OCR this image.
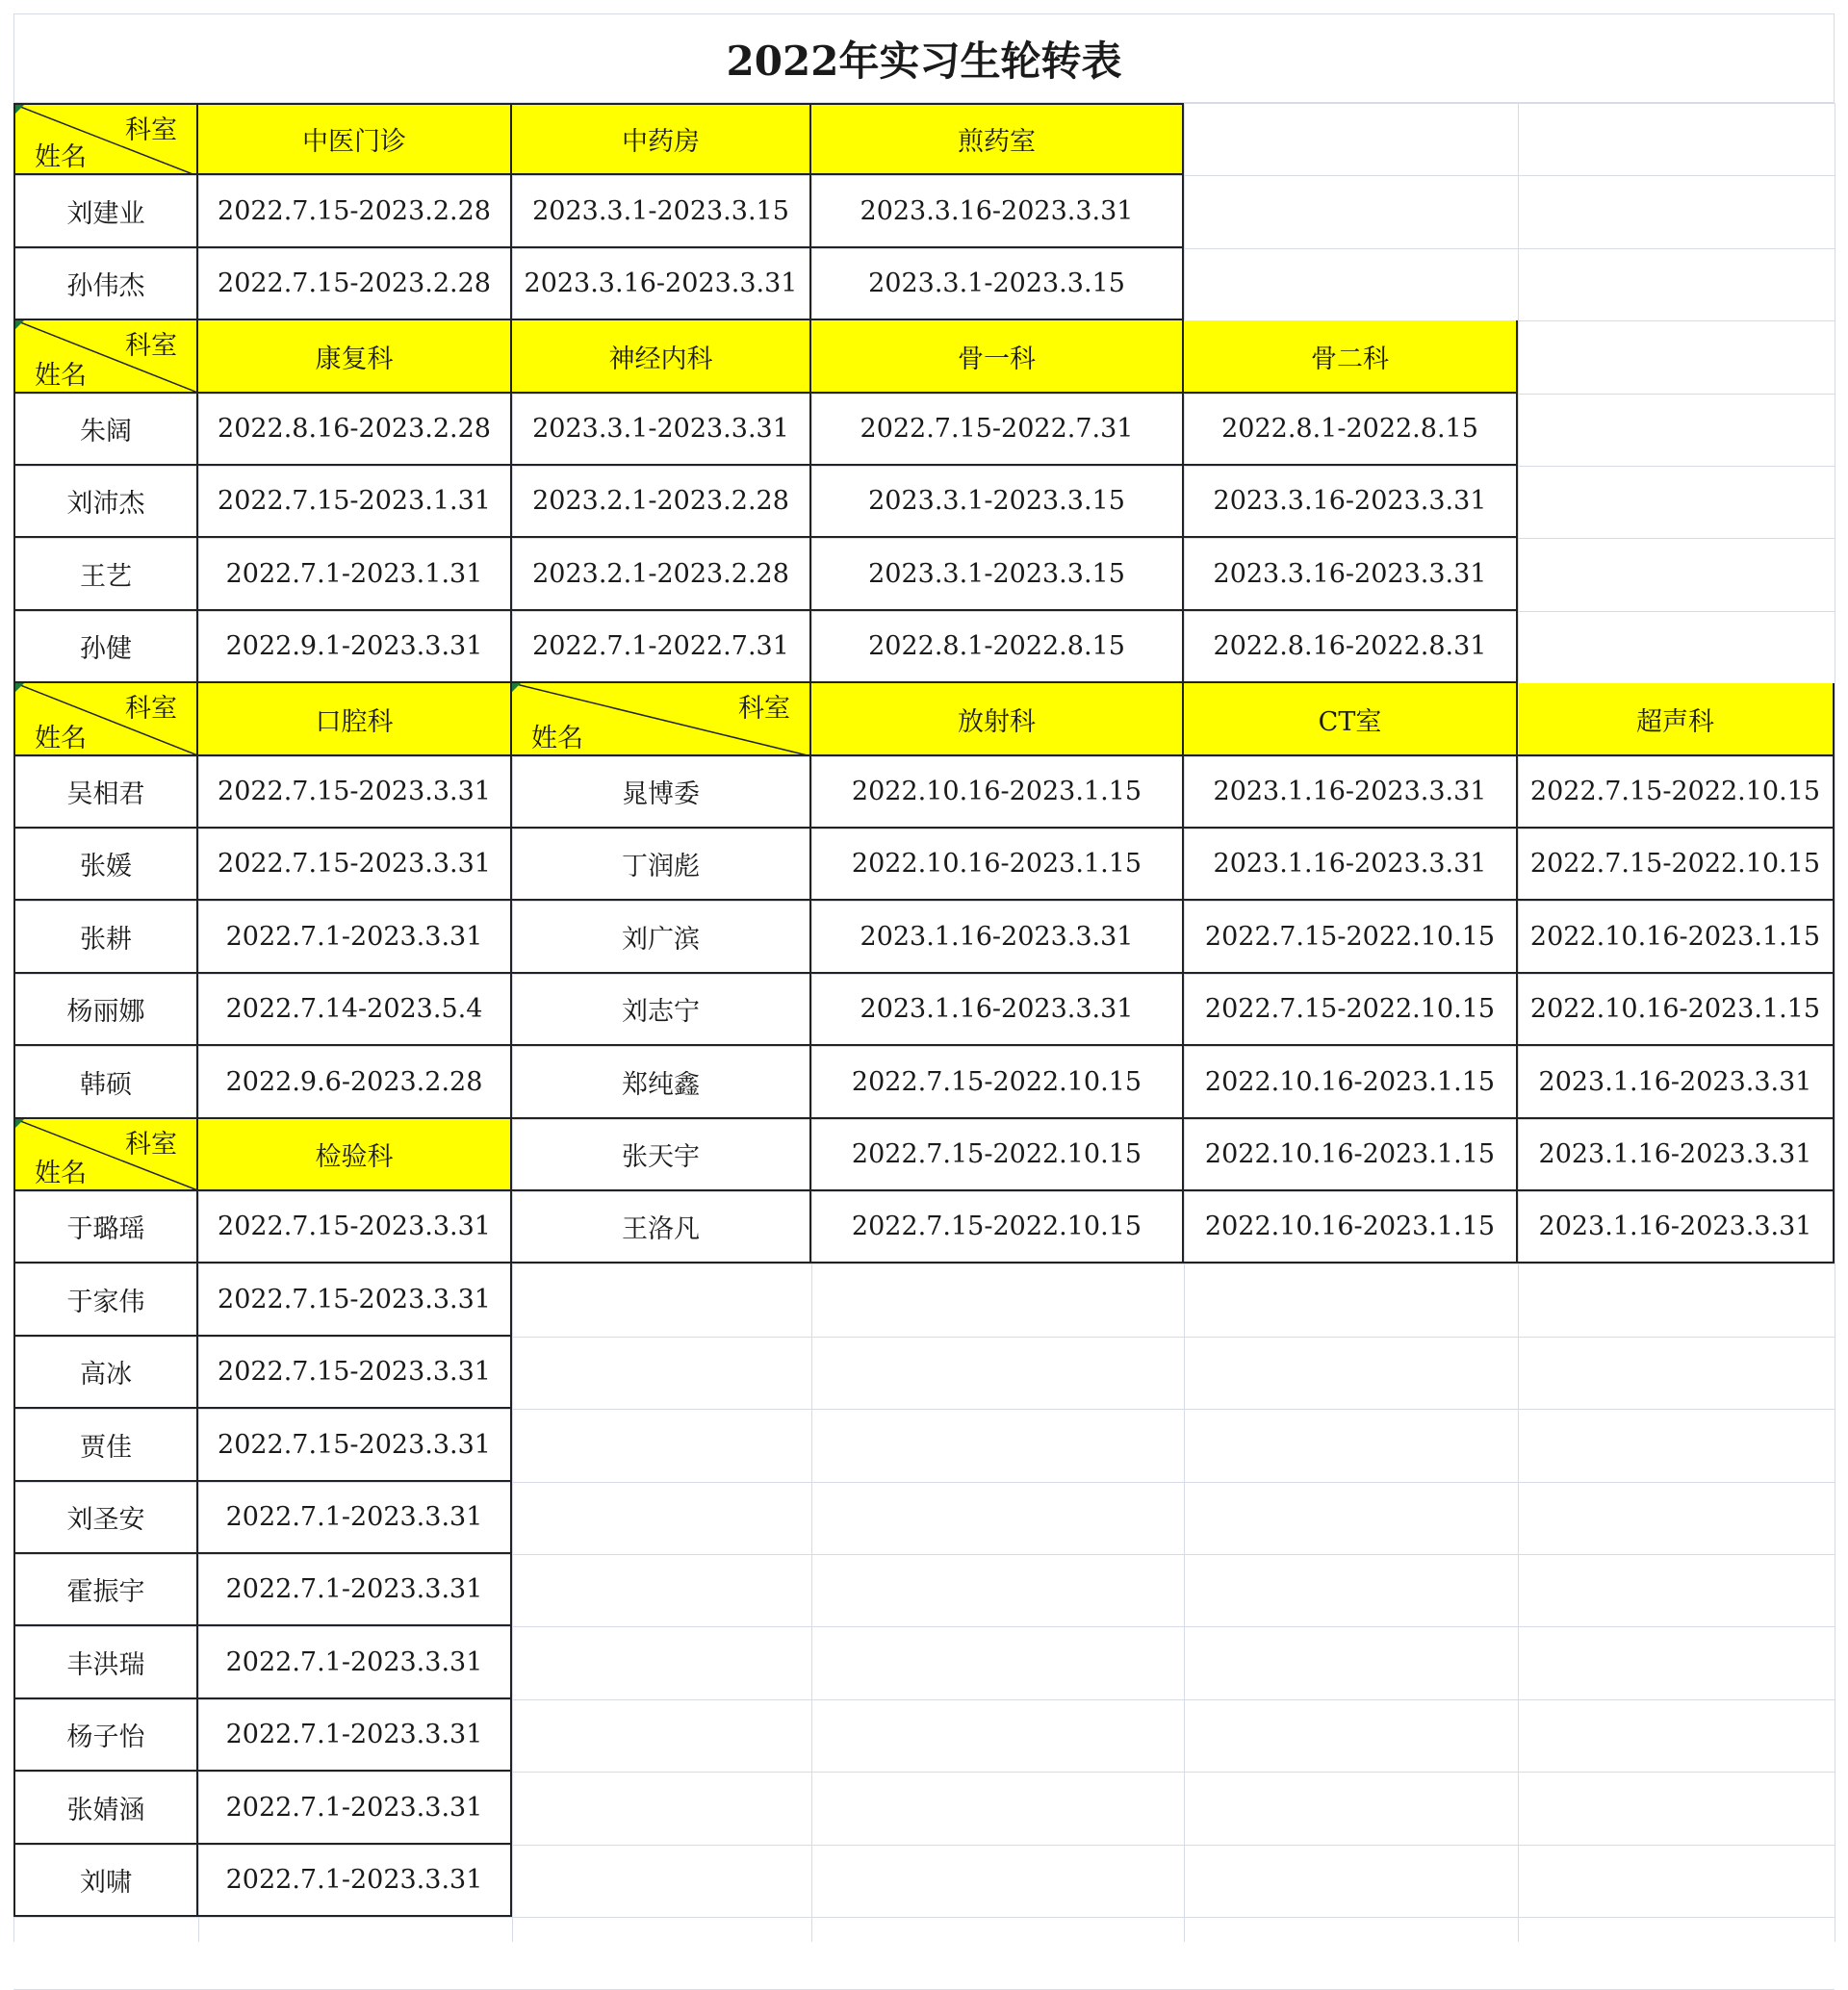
2022年实习生轮转表
科室
姓名
中医门诊	中药房	煎药室
刘建业	2022.7.15-2023.2.28	2023.3.1-2023.3.15	2023.3.16-2023.3.31
孙伟杰	2022.7.15-2023.2.28	2023.3.16-2023.3.31	2023.3.1-2023.3.15
科室
姓名
康复科	神经内科	骨一科	骨二科
朱阔	2022.8.16-2023.2.28	2023.3.1-2023.3.31	2022.7.15-2022.7.31	2022.8.1-2022.8.15
刘沛杰	2022.7.15-2023.1.31	2023.2.1-2023.2.28	2023.3.1-2023.3.15	2023.3.16-2023.3.31
王艺	2022.7.1-2023.1.31	2023.2.1-2023.2.28	2023.3.1-2023.3.15	2023.3.16-2023.3.31
孙健	2022.9.1-2023.3.31	2022.7.1-2022.7.31	2022.8.1-2022.8.15	2022.8.16-2022.8.31
科室
姓名
口腔科
吴相君	2022.7.15-2023.3.31
张媛	2022.7.15-2023.3.31
张耕	2022.7.1-2023.3.31
杨丽娜	2022.7.14-2023.5.4
韩硕	2022.9.6-2023.2.28
科室
姓名
放射科	CT室	超声科
晁博委	2022.10.16-2023.1.15	2023.1.16-2023.3.31	2022.7.15-2022.10.15
丁润彪	2022.10.16-2023.1.15	2023.1.16-2023.3.31	2022.7.15-2022.10.15
刘广滨	2023.1.16-2023.3.31	2022.7.15-2022.10.15	2022.10.16-2023.1.15
刘志宁	2023.1.16-2023.3.31	2022.7.15-2022.10.15	2022.10.16-2023.1.15
郑纯鑫	2022.7.15-2022.10.15	2022.10.16-2023.1.15	2023.1.16-2023.3.31
张天宇	2022.7.15-2022.10.15	2022.10.16-2023.1.15	2023.1.16-2023.3.31
王洛凡	2022.7.15-2022.10.15	2022.10.16-2023.1.15	2023.1.16-2023.3.31
科室
姓名
检验科
于璐瑶	2022.7.15-2023.3.31
于家伟	2022.7.15-2023.3.31
高冰	2022.7.15-2023.3.31
贾佳	2022.7.15-2023.3.31
刘圣安	2022.7.1-2023.3.31
霍振宇	2022.7.1-2023.3.31
丰洪瑞	2022.7.1-2023.3.31
杨子怡	2022.7.1-2023.3.31
张婧涵	2022.7.1-2023.3.31
刘啸	2022.7.1-2023.3.31
